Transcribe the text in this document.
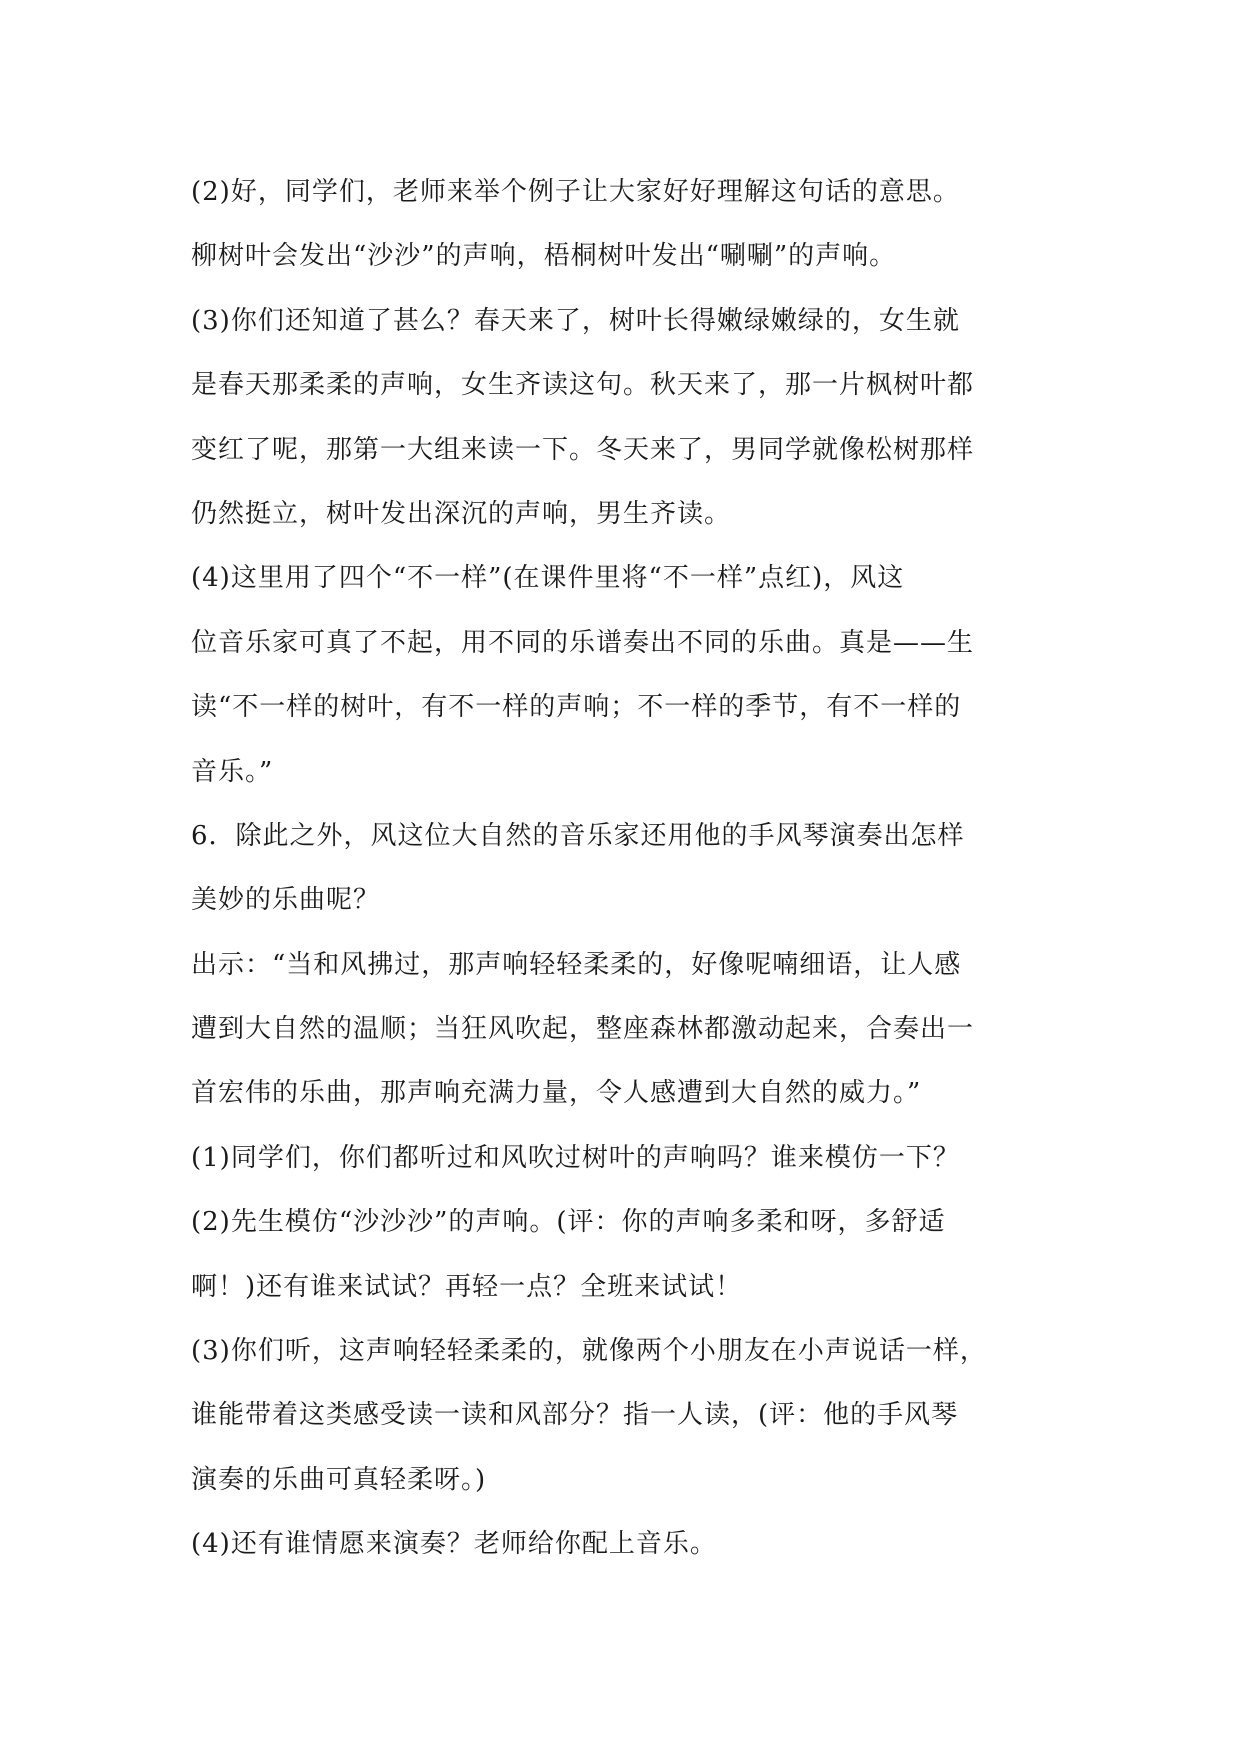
(2)好，同学们，老师来举个例子让大家好好理解这句话的意思。
柳树叶会发出“沙沙”的声响，梧桐树叶发出“唰唰”的声响。
(3)你们还知道了甚么？春天来了，树叶长得嫩绿嫩绿的，女生就
是春天那柔柔的声响，女生齐读这句。秋天来了，那一片枫树叶都
变红了呢，那第一大组来读一下。冬天来了，男同学就像松树那样
仍然挺立，树叶发出深沉的声响，男生齐读。
(4)这里用了四个“不一样”(在课件里将“不一样”点红)，风这
位音乐家可真了不起，用不同的乐谱奏出不同的乐曲。真是——生
读“不一样的树叶，有不一样的声响；不一样的季节，有不一样的
音乐。”
6．除此之外，风这位大自然的音乐家还用他的手风琴演奏出怎样
美妙的乐曲呢？
出示：“当和风拂过，那声响轻轻柔柔的，好像呢喃细语，让人感
遭到大自然的温顺；当狂风吹起，整座森林都激动起来，合奏出一
首宏伟的乐曲，那声响充满力量，令人感遭到大自然的威力。”
(1)同学们，你们都听过和风吹过树叶的声响吗？谁来模仿一下？
(2)先生模仿“沙沙沙”的声响。(评：你的声响多柔和呀，多舒适
啊！)还有谁来试试？再轻一点？全班来试试！
(3)你们听，这声响轻轻柔柔的，就像两个小朋友在小声说话一样，
谁能带着这类感受读一读和风部分？指一人读，(评：他的手风琴
演奏的乐曲可真轻柔呀。)
(4)还有谁情愿来演奏？老师给你配上音乐。
